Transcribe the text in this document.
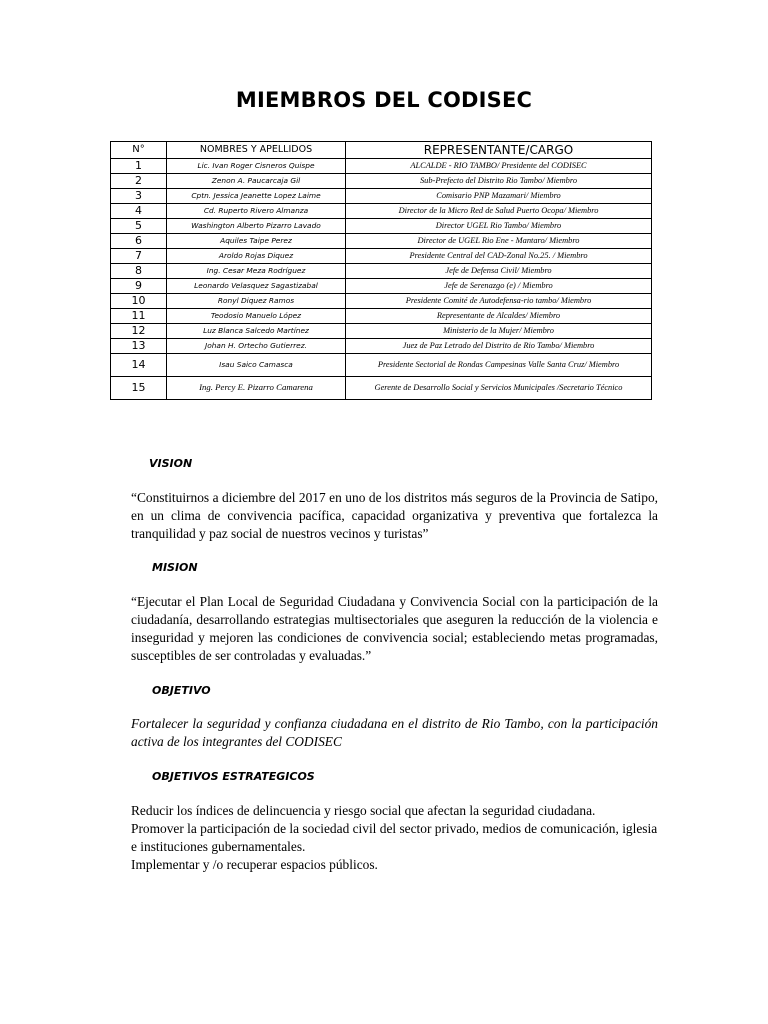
MIEMBROS DEL CODISEC
N°	NOMBRES Y APELLIDOS	REPRESENTANTE/CARGO
1	Lic. Ivan Roger Cisneros Quispe	ALCALDE - RIO TAMBO/ Presidente del CODISEC
2	Zenon A. Paucarcaja Gil	Sub-Prefecto del Distrito Rio Tambo/ Miembro
3	Cptn. Jessica Jeanette Lopez Laime	Comisario PNP Mazamari/ Miembro
4	Cd. Ruperto Rivero Almanza	Director de la Micro Red de Salud Puerto Ocopa/ Miembro
5	Washington Alberto Pizarro Lavado	Director UGEL Rio Tambo/ Miembro
6	Aquiles Taipe Perez	Director de UGEL Rio Ene - Mantaro/ Miembro
7	Aroldo Rojas Diquez	Presidente Central del CAD-Zonal No.25. / Miembro
8	Ing. Cesar Meza Rodríguez	Jefe de Defensa Civil/ Miembro
9	Leonardo Velasquez Sagastizabal	Jefe de Serenazgo (e) / Miembro
10	Ronyl Diquez Ramos	Presidente Comité de Autodefensa-rio tambo/ Miembro
11	Teodosio Manuelo López	Representante de Alcaldes/ Miembro
12	Luz Blanca Salcedo Martínez	Ministerio de la Mujer/ Miembro
13	Johan H. Ortecho Gutierrez.	Juez de Paz Letrado del Distrito de Rio Tambo/ Miembro
14	Isau Saico Camasca	Presidente Sectorial de Rondas Campesinas Valle Santa Cruz/ Miembro
15	Ing. Percy E. Pizarro Camarena	Gerente de Desarrollo Social y Servicios Municipales /Secretario Técnico
VISION
“Constituirnos a diciembre del 2017 en uno de los distritos más seguros de la Provincia de Satipo, en un clima de convivencia pacífica, capacidad organizativa y preventiva que fortalezca la tranquilidad y paz social de nuestros vecinos y turistas”
MISION
“Ejecutar el Plan Local de Seguridad Ciudadana y Convivencia Social con la participación de la ciudadanía, desarrollando estrategias multisectoriales que aseguren la reducción de la violencia e inseguridad y mejoren las condiciones de convivencia social; estableciendo metas programadas, susceptibles de ser controladas y evaluadas.”
OBJETIVO
Fortalecer la seguridad y confianza ciudadana en el distrito de Rio Tambo, con la participación activa de los integrantes del CODISEC
OBJETIVOS ESTRATEGICOS
Reducir los índices de delincuencia y riesgo social que afectan la seguridad ciudadana.
Promover la participación de la sociedad civil del sector privado, medios de comunicación, iglesia e instituciones gubernamentales.
Implementar y /o recuperar espacios públicos.
